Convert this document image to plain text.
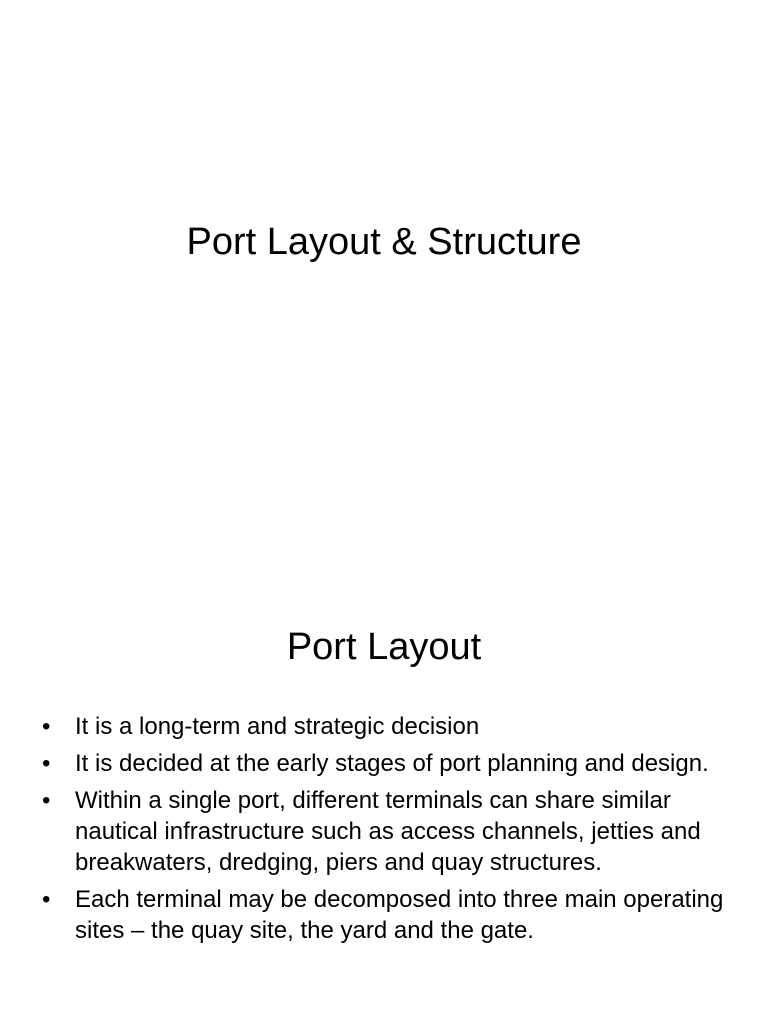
Port Layout & Structure
Port Layout
•	It is a long-term and strategic decision
•	It is decided at the early stages of port planning and design.
•	Within a single port, different terminals can share similar nautical infrastructure such as access channels, jetties and breakwaters, dredging, piers and quay structures.
•	Each terminal may be decomposed into three main operating sites – the quay site, the yard and the gate.
